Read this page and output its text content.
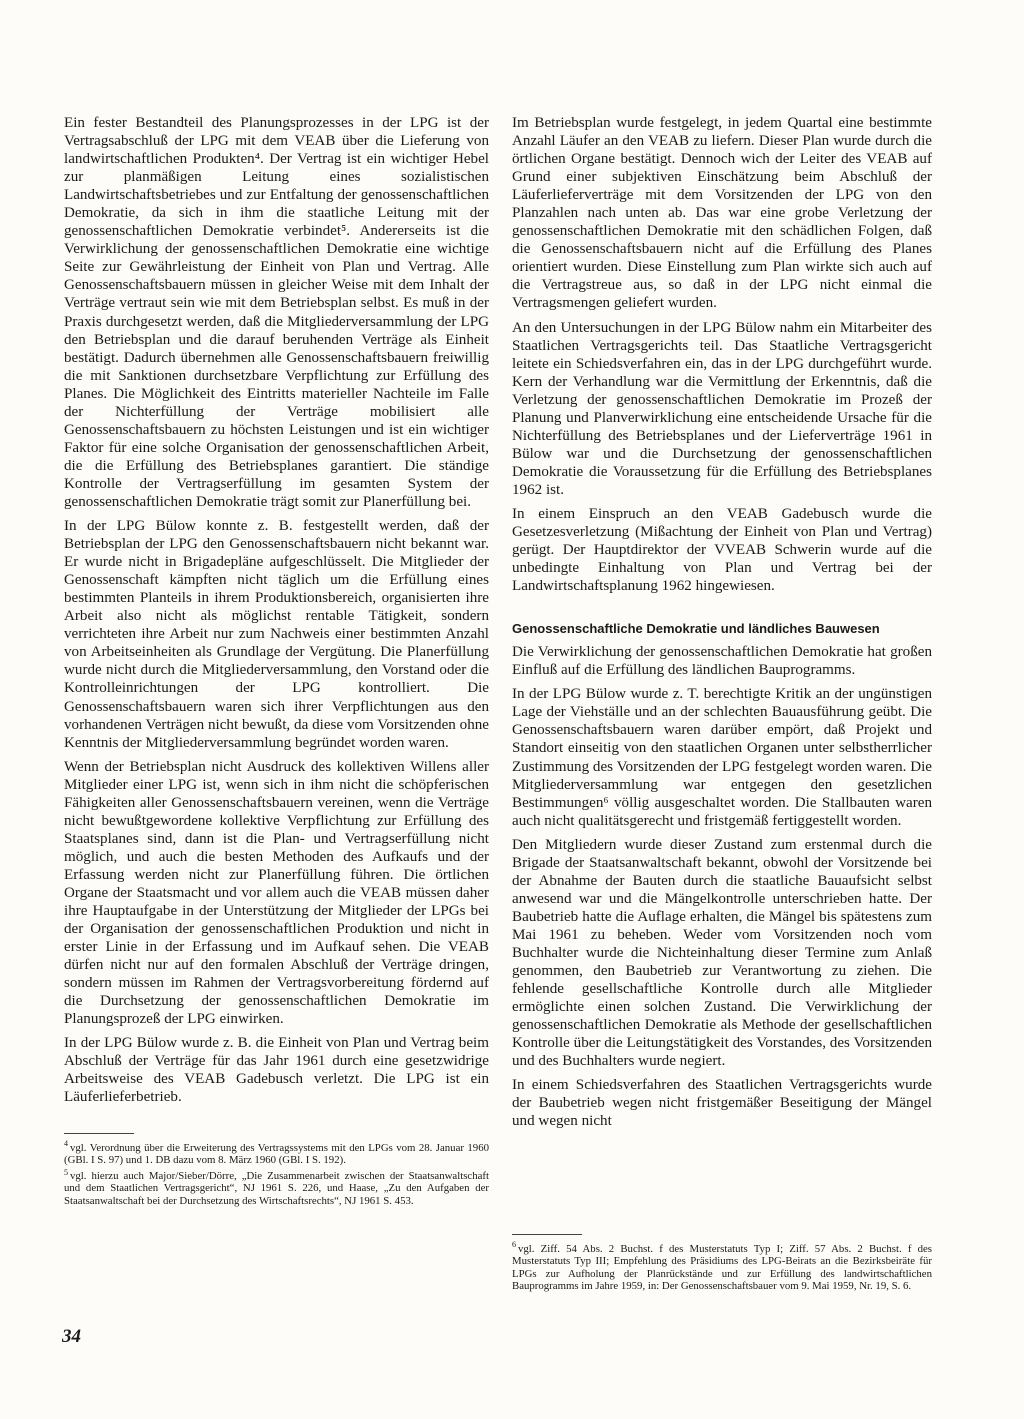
Ein fester Bestandteil des Planungsprozesses in der LPG ist der Vertragsabschluß der LPG mit dem VEAB über die Lieferung von landwirtschaftlichen Produkten⁴. Der Vertrag ist ein wichtiger Hebel zur planmäßigen Leitung eines sozialistischen Landwirtschaftsbetriebes und zur Entfaltung der genossenschaftlichen Demokratie, da sich in ihm die staatliche Leitung mit der genossenschaftlichen Demokratie verbindet⁵. Andererseits ist die Verwirklichung der genossenschaftlichen Demokratie eine wichtige Seite zur Gewährleistung der Einheit von Plan und Vertrag. Alle Genossenschaftsbauern müssen in gleicher Weise mit dem Inhalt der Verträge vertraut sein wie mit dem Betriebsplan selbst. Es muß in der Praxis durchgesetzt werden, daß die Mitgliederversammlung der LPG den Betriebsplan und die darauf beruhenden Verträge als Einheit bestätigt. Dadurch übernehmen alle Genossenschaftsbauern freiwillig die mit Sanktionen durchsetzbare Verpflichtung zur Erfüllung des Planes. Die Möglichkeit des Eintritts materieller Nachteile im Falle der Nichterfüllung der Verträge mobilisiert alle Genossenschaftsbauern zu höchsten Leistungen und ist ein wichtiger Faktor für eine solche Organisation der genossenschaftlichen Arbeit, die die Erfüllung des Betriebsplanes garantiert. Die ständige Kontrolle der Vertragserfüllung im gesamten System der genossenschaftlichen Demokratie trägt somit zur Planerfüllung bei.

In der LPG Bülow konnte z. B. festgestellt werden, daß der Betriebsplan der LPG den Genossenschaftsbauern nicht bekannt war. Er wurde nicht in Brigadepläne aufgeschlüsselt. Die Mitglieder der Genossenschaft kämpften nicht täglich um die Erfüllung eines bestimmten Planteils in ihrem Produktionsbereich, organisierten ihre Arbeit also nicht als möglichst rentable Tätigkeit, sondern verrichteten ihre Arbeit nur zum Nachweis einer bestimmten Anzahl von Arbeitseinheiten als Grundlage der Vergütung. Die Planerfüllung wurde nicht durch die Mitgliederversammlung, den Vorstand oder die Kontrolleinrichtungen der LPG kontrolliert. Die Genossenschaftsbauern waren sich ihrer Verpflichtungen aus den vorhandenen Verträgen nicht bewußt, da diese vom Vorsitzenden ohne Kenntnis der Mitgliederversammlung begründet worden waren.

Wenn der Betriebsplan nicht Ausdruck des kollektiven Willens aller Mitglieder einer LPG ist, wenn sich in ihm nicht die schöpferischen Fähigkeiten aller Genossenschaftsbauern vereinen, wenn die Verträge nicht bewußtgewordene kollektive Verpflichtung zur Erfüllung des Staatsplanes sind, dann ist die Plan- und Vertragserfüllung nicht möglich, und auch die besten Methoden des Aufkaufs und der Erfassung werden nicht zur Planerfüllung führen. Die örtlichen Organe der Staatsmacht und vor allem auch die VEAB müssen daher ihre Hauptaufgabe in der Unterstützung der Mitglieder der LPGs bei der Organisation der genossenschaftlichen Produktion und nicht in erster Linie in der Erfassung und im Aufkauf sehen. Die VEAB dürfen nicht nur auf den formalen Abschluß der Verträge dringen, sondern müssen im Rahmen der Vertragsvorbereitung fördernd auf die Durchsetzung der genossenschaftlichen Demokratie im Planungsprozeß der LPG einwirken.

In der LPG Bülow wurde z. B. die Einheit von Plan und Vertrag beim Abschluß der Verträge für das Jahr 1961 durch eine gesetzwidrige Arbeitsweise des VEAB Gadebusch verletzt. Die LPG ist ein Läuferlieferbetrieb.

$^4$ vgl. Verordnung über die Erweiterung des Vertragssystems mit den LPGs vom 28. Januar 1960 (GBl. I S. 97) und 1. DB dazu vom 8. März 1960 (GBl. I S. 192).

$^5$ vgl. hierzu auch Major/Sieber/Dörre, „Die Zusammenarbeit zwischen der Staatsanwaltschaft und dem Staatlichen Vertragsgericht“, NJ 1961 S. 226, und Haase, „Zu den Aufgaben der Staatsanwaltschaft bei der Durchsetzung des Wirtschaftsrechts“, NJ 1961 S. 453.

Im Betriebsplan wurde festgelegt, in jedem Quartal eine bestimmte Anzahl Läufer an den VEAB zu liefern. Dieser Plan wurde durch die örtlichen Organe bestätigt. Dennoch wich der Leiter des VEAB auf Grund einer subjektiven Einschätzung beim Abschluß der Läuferlieferverträge mit dem Vorsitzenden der LPG von den Planzahlen nach unten ab. Das war eine grobe Verletzung der genossenschaftlichen Demokratie mit den schädlichen Folgen, daß die Genossenschaftsbauern nicht auf die Erfüllung des Planes orientiert wurden. Diese Einstellung zum Plan wirkte sich auch auf die Vertragstreue aus, so daß in der LPG nicht einmal die Vertragsmengen geliefert wurden.

An den Untersuchungen in der LPG Bülow nahm ein Mitarbeiter des Staatlichen Vertragsgerichts teil. Das Staatliche Vertragsgericht leitete ein Schiedsverfahren ein, das in der LPG durchgeführt wurde. Kern der Verhandlung war die Vermittlung der Erkenntnis, daß die Verletzung der genossenschaftlichen Demokratie im Prozeß der Planung und Planverwirklichung eine entscheidende Ursache für die Nichterfüllung des Betriebsplanes und der Lieferverträge 1961 in Bülow war und die Durchsetzung der genossenschaftlichen Demokratie die Voraussetzung für die Erfüllung des Betriebsplanes 1962 ist.

In einem Einspruch an den VEAB Gadebusch wurde die Gesetzesverletzung (Mißachtung der Einheit von Plan und Vertrag) gerügt. Der Hauptdirektor der VVEAB Schwerin wurde auf die unbedingte Einhaltung von Plan und Vertrag bei der Landwirtschaftsplanung 1962 hingewiesen.

Genossenschaftliche Demokratie und ländliches Bauwesen

Die Verwirklichung der genossenschaftlichen Demokratie hat großen Einfluß auf die Erfüllung des ländlichen Bauprogramms.

In der LPG Bülow wurde z. T. berechtigte Kritik an der ungünstigen Lage der Viehställe und an der schlechten Bauausführung geübt. Die Genossenschaftsbauern waren darüber empört, daß Projekt und Standort einseitig von den staatlichen Organen unter selbstherrlicher Zustimmung des Vorsitzenden der LPG festgelegt worden waren. Die Mitgliederversammlung war entgegen den gesetzlichen Bestimmungen⁶ völlig ausgeschaltet worden. Die Stallbauten waren auch nicht qualitätsgerecht und fristgemäß fertiggestellt worden.

Den Mitgliedern wurde dieser Zustand zum erstenmal durch die Brigade der Staatsanwaltschaft bekannt, obwohl der Vorsitzende bei der Abnahme der Bauten durch die staatliche Bauaufsicht selbst anwesend war und die Mängelkontrolle unterschrieben hatte. Der Baubetrieb hatte die Auflage erhalten, die Mängel bis spätestens zum Mai 1961 zu beheben. Weder vom Vorsitzenden noch vom Buchhalter wurde die Nichteinhaltung dieser Termine zum Anlaß genommen, den Baubetrieb zur Verantwortung zu ziehen. Die fehlende gesellschaftliche Kontrolle durch alle Mitglieder ermöglichte einen solchen Zustand. Die Verwirklichung der genossenschaftlichen Demokratie als Methode der gesellschaftlichen Kontrolle über die Leitungstätigkeit des Vorstandes, des Vorsitzenden und des Buchhalters wurde negiert.

In einem Schiedsverfahren des Staatlichen Vertragsgerichts wurde der Baubetrieb wegen nicht fristgemäßer Beseitigung der Mängel und wegen nicht

$^6$ vgl. Ziff. 54 Abs. 2 Buchst. f des Musterstatuts Typ I; Ziff. 57 Abs. 2 Buchst. f des Musterstatuts Typ III; Empfehlung des Präsidiums des LPG-Beirats an die Bezirksbeiräte für LPGs zur Aufholung der Planrückstände und zur Erfüllung des landwirtschaftlichen Bauprogramms im Jahre 1959, in: Der Genossenschaftsbauer vom 9. Mai 1959, Nr. 19, S. 6.

34
